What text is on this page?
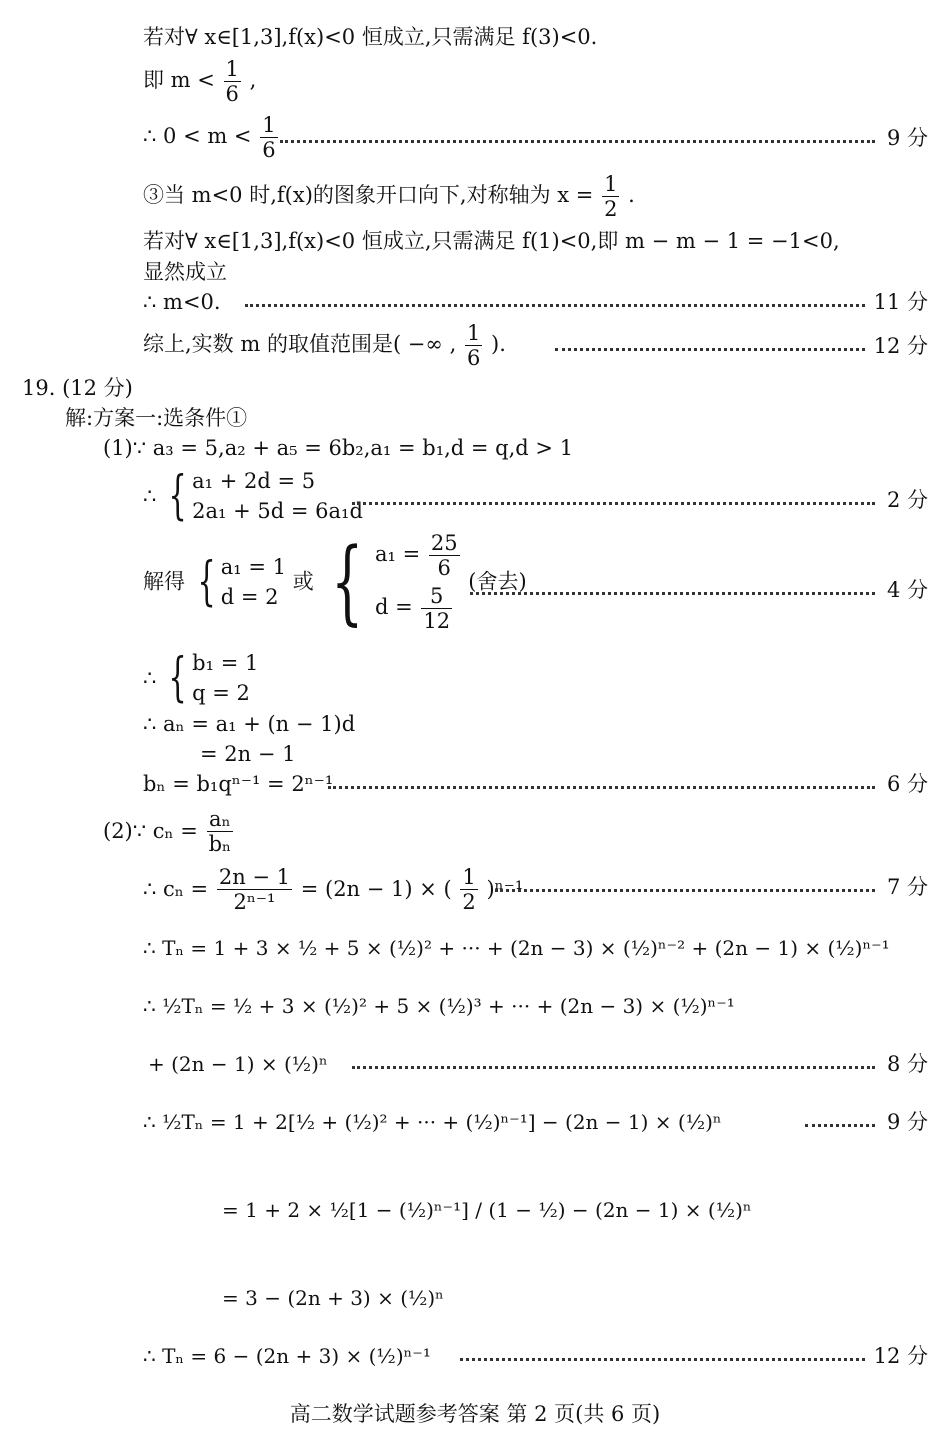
若对∀ x∈[1,3],f(x)<0 恒成立,只需满足 f(3)<0.
即 $m < \frac{1}{6}$ ,
∴ $0 < m < \frac{1}{6}$	9 分
③当 m<0 时,f(x)的图象开口向下,对称轴为 $x = \frac{1}{2}$ .
若对∀ x∈[1,3],f(x)<0 恒成立,只需满足 f(1)<0,即 m − m − 1 = −1<0,
显然成立
∴ m<0.	11 分
综上,实数 m 的取值范围是( −∞ , $\frac{1}{6}$ ).	12 分
19. (12 分)
解:方案一:选条件①
(1)∵ a₃ = 5,a₂ + a₅ = 6b₂,a₁ = b₁,d = q,d > 1
∴ { a₁ + 2d = 5
2a₁ + 5d = 6a₁d	2 分
解得 { a₁ = 1
d = 2
或 { $a_1 = \frac{25}{6}$
$d = \frac{5}{12}$
(舍去)	4 分
∴ { b₁ = 1
q = 2
∴ aₙ = a₁ + (n − 1)d
= 2n − 1
bₙ = b₁qⁿ⁻¹ = 2ⁿ⁻¹	6 分
(2)∵ $c_n = \frac{\text{aₙ}}{\text{bₙ}}$
∴ $c_n = \frac{2n - 1}{\text{2ⁿ⁻¹}} = (2n - 1)$ × ( $\frac{1}{2} )^{n-1}$	7 分
∴ Tₙ = 1 + 3 × ½ + 5 × (½)² + ··· + (2n − 3) × (½)ⁿ⁻² + (2n − 1) × (½)ⁿ⁻¹
∴ ½Tₙ = ½ + 3 × (½)² + 5 × (½)³ + ··· + (2n − 3) × (½)ⁿ⁻¹
+ (2n − 1) × (½)ⁿ	8 分
∴ ½Tₙ = 1 + 2[½ + (½)² + ··· + (½)ⁿ⁻¹] − (2n − 1) × (½)ⁿ	9 分
= 1 + 2 × ½[1 − (½)ⁿ⁻¹] / (1 − ½) − (2n − 1) × (½)ⁿ
= 3 − (2n + 3) × (½)ⁿ
∴ Tₙ = 6 − (2n + 3) × (½)ⁿ⁻¹	12 分
高二数学试题参考答案 第 2 页(共 6 页)
